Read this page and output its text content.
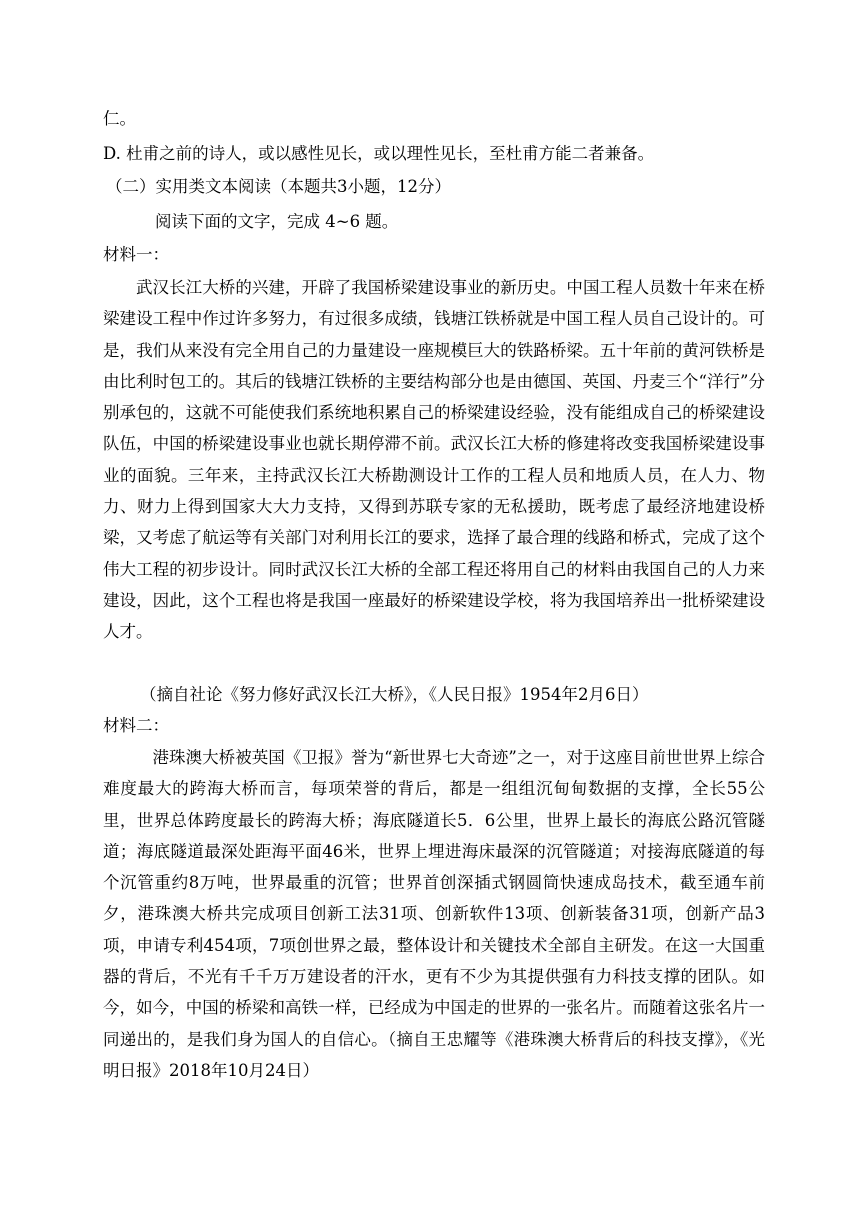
仁。
D. 杜甫之前的诗人，或以感性见长，或以理性见长，至杜甫方能二者兼备。
（二）实用类文本阅读（本题共3小题，12分）
阅读下面的文字，完成 4~6 题。
材料一：

武汉长江大桥的兴建，开辟了我国桥梁建设事业的新历史。中国工程人员数十年来在桥梁建设工程中作过许多努力，有过很多成绩，钱塘江铁桥就是中国工程人员自己设计的。可是，我们从来没有完全用自己的力量建设一座规模巨大的铁路桥梁。五十年前的黄河铁桥是由比利时包工的。其后的钱塘江铁桥的主要结构部分也是由德国、英国、丹麦三个“洋行”分别承包的，这就不可能使我们系统地积累自己的桥梁建设经验，没有能组成自己的桥梁建设队伍，中国的桥梁建设事业也就长期停滞不前。武汉长江大桥的修建将改变我国桥梁建设事业的面貌。三年来，主持武汉长江大桥勘测设计工作的工程人员和地质人员，在人力、物力、财力上得到国家大大力支持，又得到苏联专家的无私援助，既考虑了最经济地建设桥梁，又考虑了航运等有关部门对利用长江的要求，选择了最合理的线路和桥式，完成了这个伟大工程的初步设计。同时武汉长江大桥的全部工程还将用自己的材料由我国自己的人力来建设，因此，这个工程也将是我国一座最好的桥梁建设学校，将为我国培养出一批桥梁建设人才。

（摘自社论《努力修好武汉长江大桥》，《人民日报》1954年2月6日）
材料二：

港珠澳大桥被英国《卫报》誉为“新世界七大奇迹”之一，对于这座目前世世界上综合难度最大的跨海大桥而言，每项荣誉的背后，都是一组组沉甸甸数据的支撑，全长55公里，世界总体跨度最长的跨海大桥；海底隧道长5．6公里，世界上最长的海底公路沉管隧道；海底隧道最深处距海平面46米，世界上埋进海床最深的沉管隧道；对接海底隧道的每个沉管重约8万吨，世界最重的沉管；世界首创深插式钢圆筒快速成岛技术，截至通车前夕，港珠澳大桥共完成项目创新工法31项、创新软件13项、创新装备31项，创新产品3项，申请专利454项，7项创世界之最，整体设计和关键技术全部自主研发。在这一大国重器的背后，不光有千千万万建设者的汗水，更有不少为其提供强有力科技支撑的团队。如今，如今，中国的桥梁和高铁一样，已经成为中国走的世界的一张名片。而随着这张名片一同递出的，是我们身为国人的自信心。（摘自王忠耀等《港珠澳大桥背后的科技支撑》，《光明日报》2018年10月24日）
